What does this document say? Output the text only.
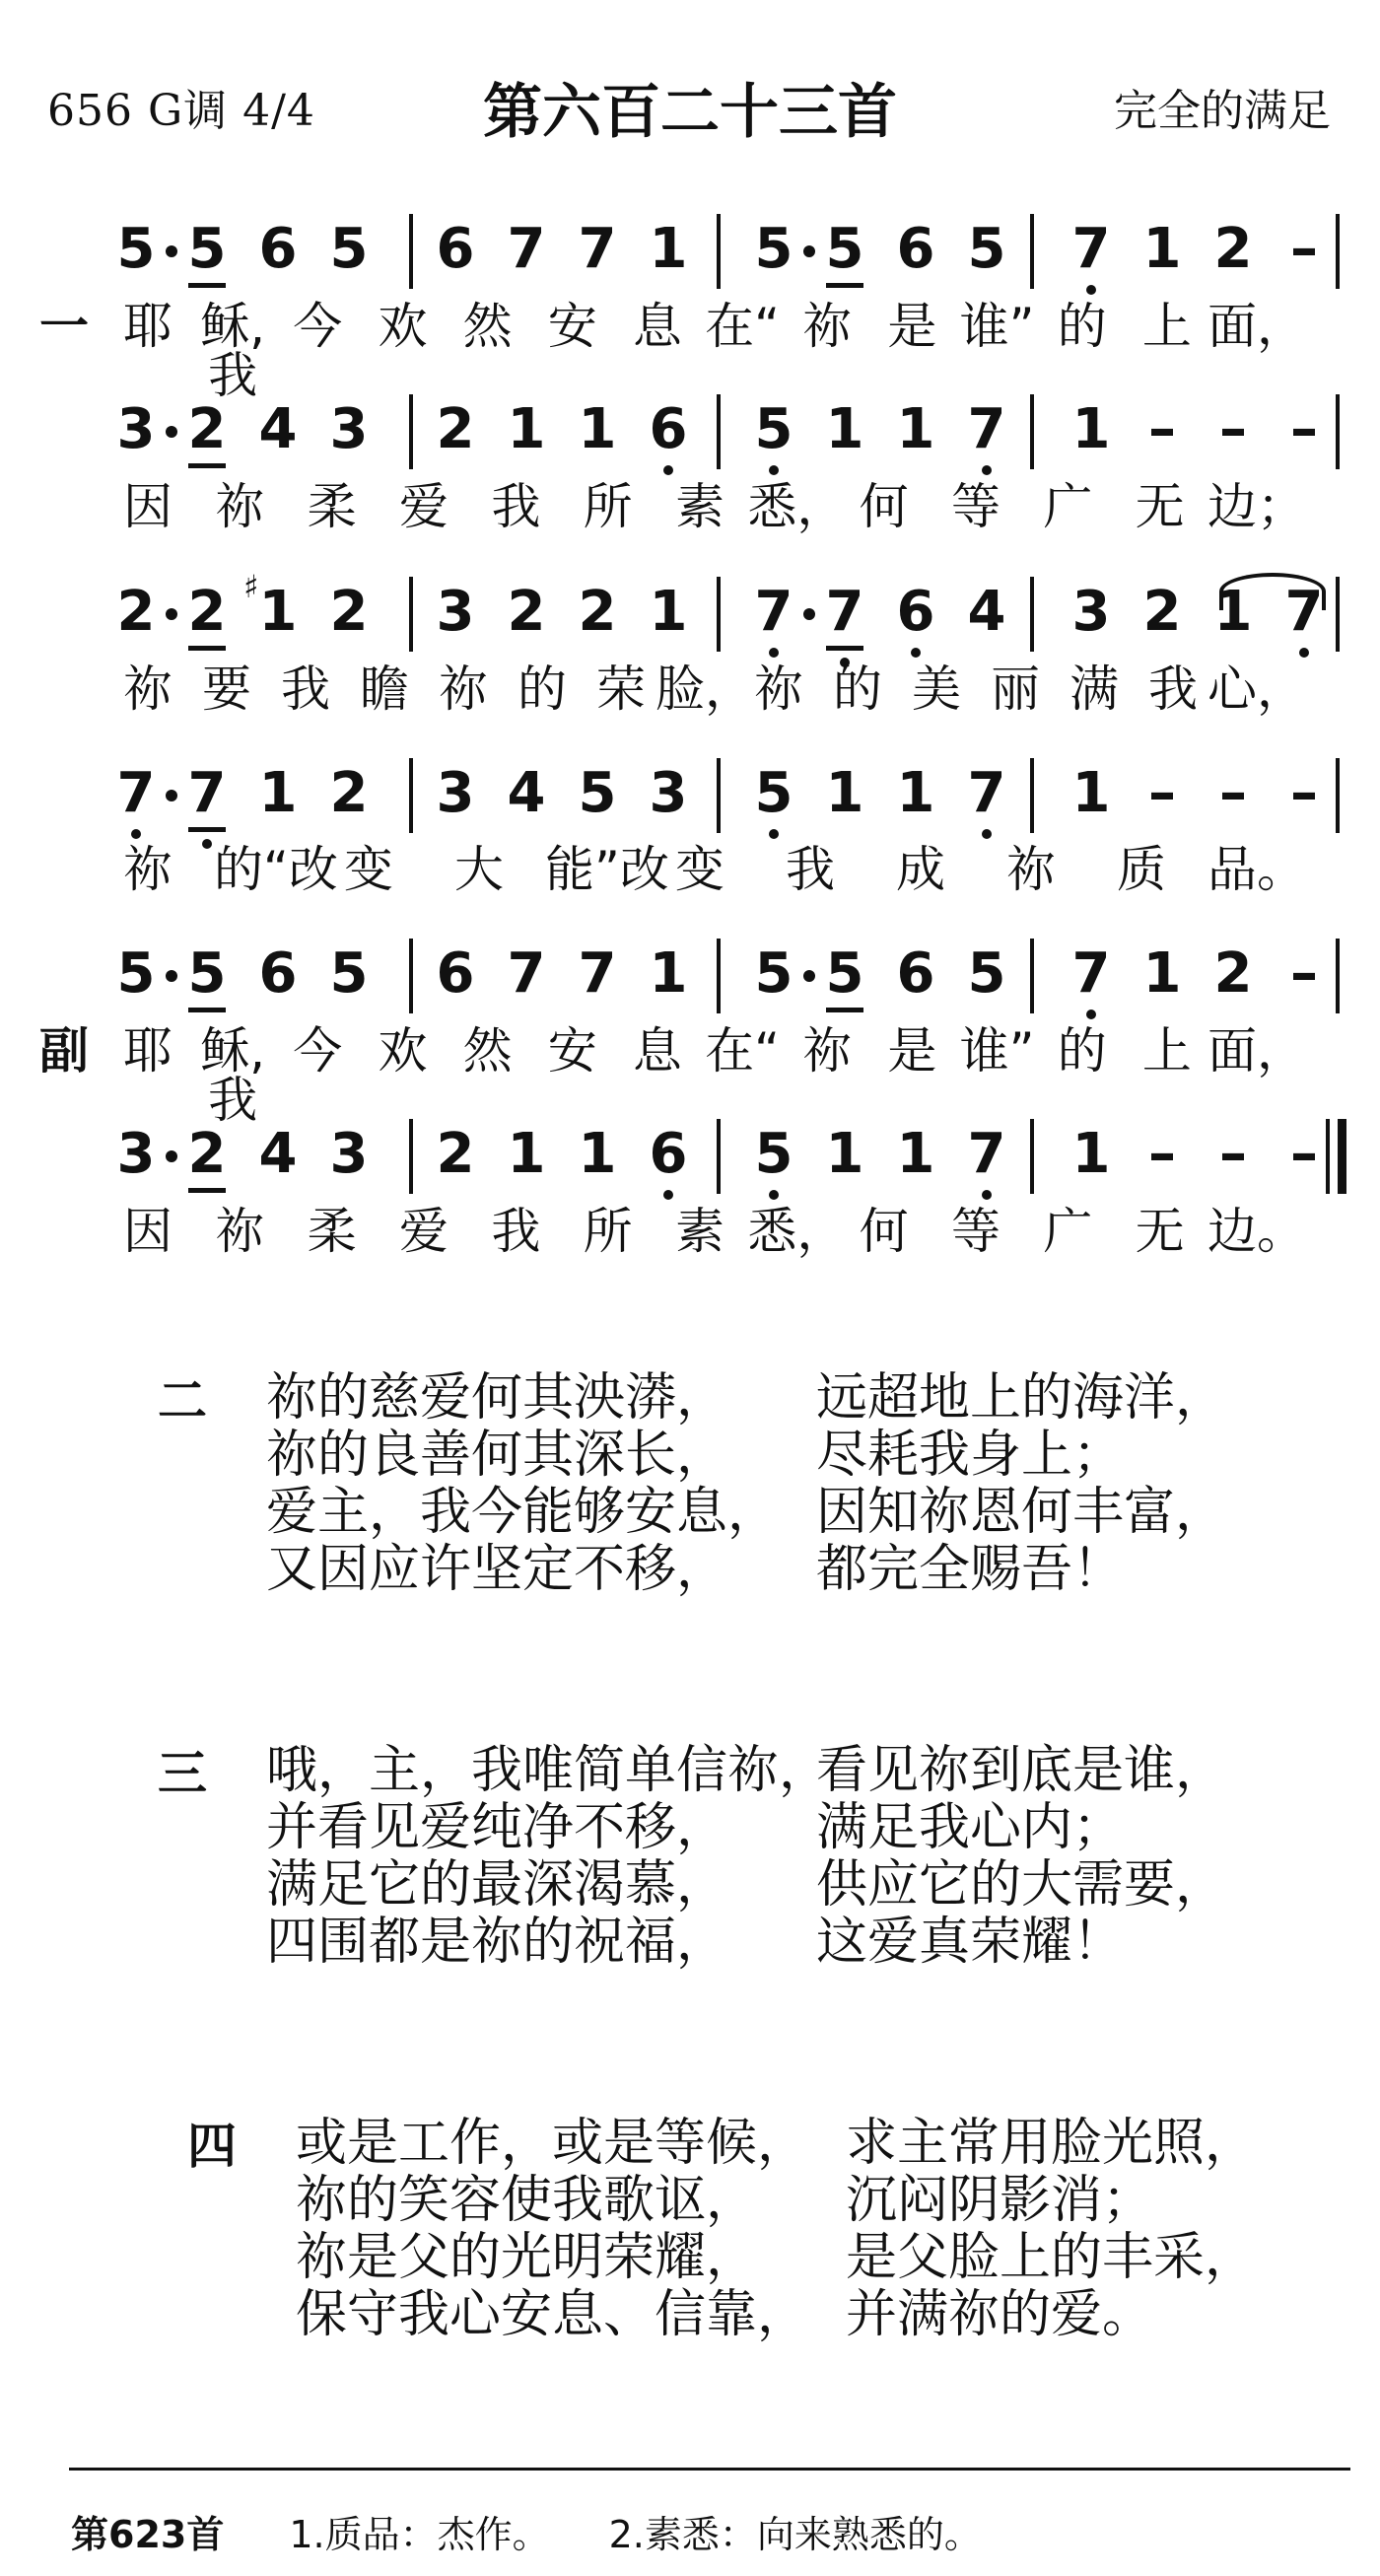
656 G调 4/4	第六百二十三首	完全的满足
5 5 6 5 6 7 7 1 5 5 6 5 7 1 2 –
一 耶 稣,我
今 欢 然 安 息 在“ 祢 是 谁” 的 上 面，
3 2 4 3 2 1 1 6 5 1 1 7 1 – – –
因 祢 柔 爱 我 所 素 悉， 何 等 广 无 边；
2 2 1
♯ 2 3 2 2 1 7 7 6 4 3 2 1 7
祢 要 我 瞻 祢 的 荣 脸， 祢 的 美 丽 满 我 心，
7 7 1 2 3 4 5 3 5 1 1 7 1 – – –
祢 的“改 变 大 能”改 变 我 成 祢 质 品。
5 5 6 5 6 7 7 1 5 5 6 5 7 1 2 –
副 耶 稣,我
今 欢 然 安 息 在“ 祢 是 谁” 的 上 面，
3 2 4 3 2 1 1 6 5 1 1 7 1 – – –
因 祢 柔 爱 我 所 素 悉， 何 等 广 无 边。
二 祢的慈爱何其泱漭，
祢的良善何其深长，
爱主，我今能够安息，
又因应许坚定不移，
远超地上的海洋，
尽耗我身上；
因知祢恩何丰富，
都完全赐吾！
三 哦，主，我唯简单信祢，
并看见爱纯净不移，
满足它的最深渴慕，
四围都是祢的祝福，
看见祢到底是谁，
满足我心内；
供应它的大需要，
这爱真荣耀！
四 或是工作，或是等候，
祢的笑容使我歌讴，
祢是父的光明荣耀，
保守我心安息、信靠，
求主常用脸光照，
沉闷阴影消；
是父脸上的丰采，
并满祢的爱。
第623首 1.质品：杰作。 2.素悉：向来熟悉的。
